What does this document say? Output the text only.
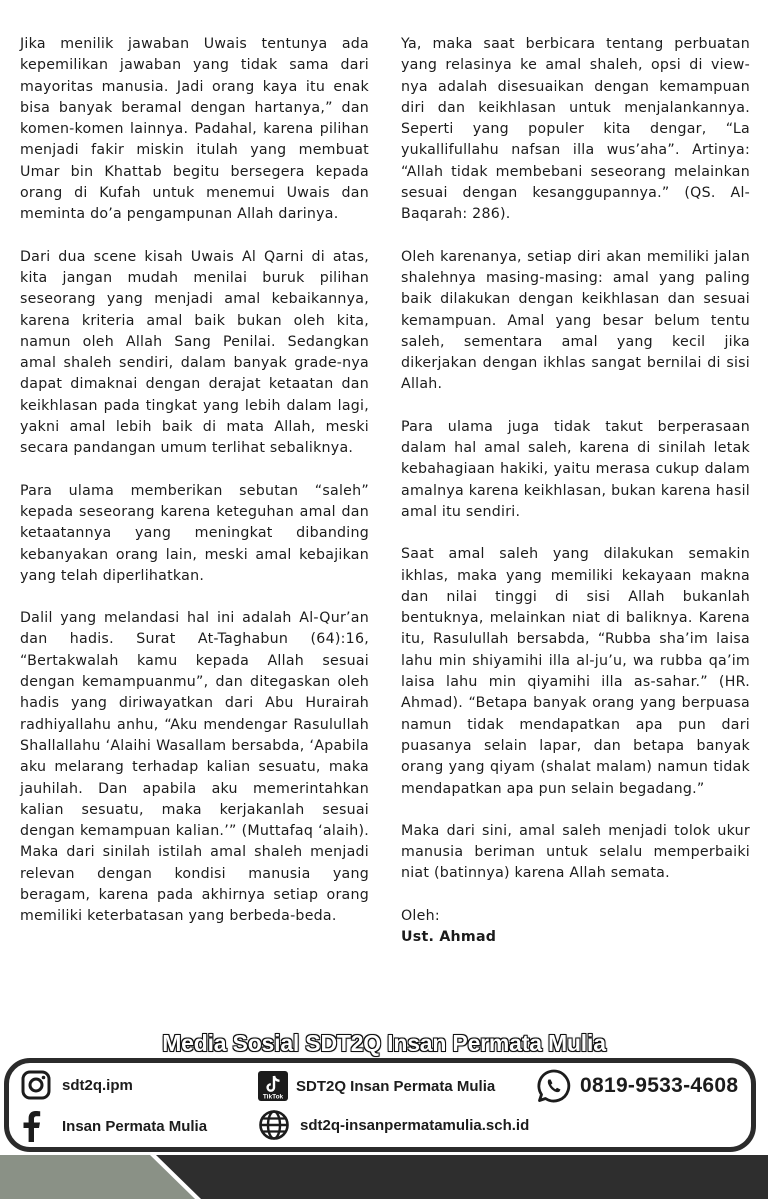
Jika menilik jawaban Uwais tentunya ada kepemilikan jawaban yang tidak sama dari mayoritas manusia. Jadi orang kaya itu enak bisa banyak beramal dengan hartanya,” dan komen-komen lainnya. Padahal, karena pilihan menjadi fakir miskin itulah yang membuat Umar bin Khattab begitu bersegera kepada orang di Kufah untuk menemui Uwais dan meminta do’a pengampunan Allah darinya.

Dari dua scene kisah Uwais Al Qarni di atas, kita jangan mudah menilai buruk pilihan seseorang yang menjadi amal kebaikannya, karena kriteria amal baik bukan oleh kita, namun oleh Allah Sang Penilai. Sedangkan amal shaleh sendiri, dalam banyak grade-nya dapat dimaknai dengan derajat ketaatan dan keikhlasan pada tingkat yang lebih dalam lagi, yakni amal lebih baik di mata Allah, meski secara pandangan umum terlihat sebaliknya.

Para ulama memberikan sebutan “saleh” kepada seseorang karena keteguhan amal dan ketaatannya yang meningkat dibanding kebanyakan orang lain, meski amal kebajikan yang telah diperlihatkan.

Dalil yang melandasi hal ini adalah Al-Qur’an dan hadis. Surat At-Taghabun (64):16, “Bertakwalah kamu kepada Allah sesuai dengan kemampuanmu”, dan ditegaskan oleh hadis yang diriwayatkan dari Abu Hurairah radhiyallahu anhu, “Aku mendengar Rasulullah Shallallahu ‘Alaihi Wasallam bersabda, ‘Apabila aku melarang terhadap kalian sesuatu, maka jauhilah. Dan apabila aku memerintahkan kalian sesuatu, maka kerjakanlah sesuai dengan kemampuan kalian.’” (Muttafaq ‘alaih). Maka dari sinilah istilah amal shaleh menjadi relevan dengan kondisi manusia yang beragam, karena pada akhirnya setiap orang memiliki keterbatasan yang berbeda-beda.

Ya, maka saat berbicara tentang perbuatan yang relasinya ke amal shaleh, opsi di view-nya adalah disesuaikan dengan kemampuan diri dan keikhlasan untuk menjalankannya. Seperti yang populer kita dengar, “La yukallifullahu nafsan illa wus’aha”. Artinya: “Allah tidak membebani seseorang melainkan sesuai dengan kesanggupannya.” (QS. Al-Baqarah: 286).

Oleh karenanya, setiap diri akan memiliki jalan shalehnya masing-masing: amal yang paling baik dilakukan dengan keikhlasan dan sesuai kemampuan. Amal yang besar belum tentu saleh, sementara amal yang kecil jika dikerjakan dengan ikhlas sangat bernilai di sisi Allah.

Para ulama juga tidak takut berperasaan dalam hal amal saleh, karena di sinilah letak kebahagiaan hakiki, yaitu merasa cukup dalam amalnya karena keikhlasan, bukan karena hasil amal itu sendiri.

Saat amal saleh yang dilakukan semakin ikhlas, maka yang memiliki kekayaan makna dan nilai tinggi di sisi Allah bukanlah bentuknya, melainkan niat di baliknya. Karena itu, Rasulullah bersabda, “Rubba sha’im laisa lahu min shiyamihi illa al-ju’u, wa rubba qa’im laisa lahu min qiyamihi illa as-sahar.” (HR. Ahmad). “Betapa banyak orang yang berpuasa namun tidak mendapatkan apa pun dari puasanya selain lapar, dan betapa banyak orang yang qiyam (shalat malam) namun tidak mendapatkan apa pun selain begadang.”

Maka dari sini, amal saleh menjadi tolok ukur manusia beriman untuk selalu memperbaiki niat (batinnya) karena Allah semata.

Oleh:
Ust. Ahmad

Media Sosial SDT2Q Insan Permata Mulia
sdt2q.ipm
TikTok
SDT2Q Insan Permata Mulia	0819-9533-4608
Insan Permata Mulia	sdt2q-insanpermatamulia.sch.id
